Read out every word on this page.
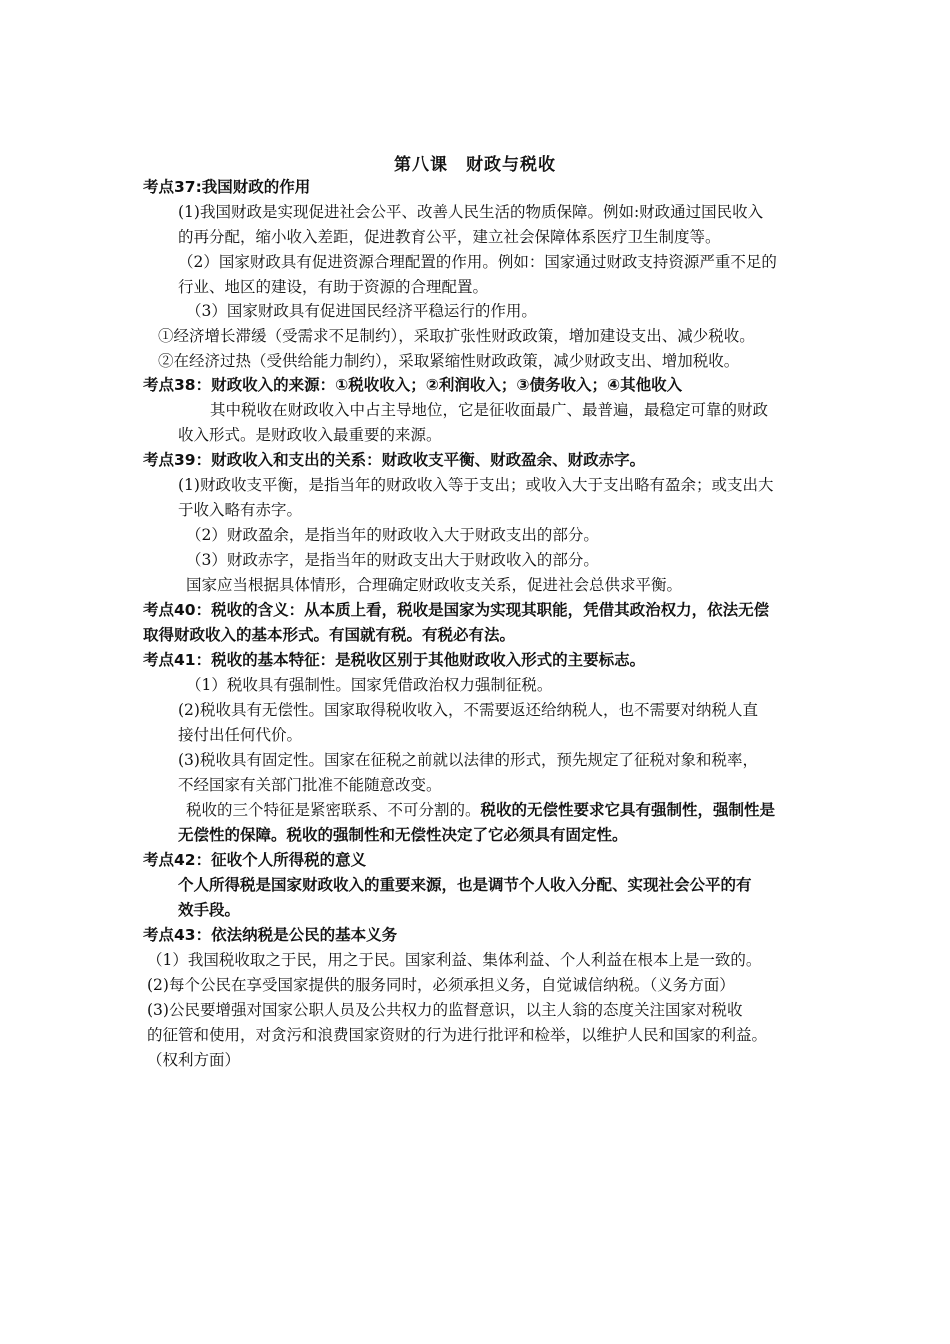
第八课　财政与税收
考点37:我国财政的作用
(1)我国财政是实现促进社会公平、改善人民生活的物质保障。例如:财政通过国民收入
的再分配，缩小收入差距，促进教育公平，建立社会保障体系医疗卫生制度等。
（2）国家财政具有促进资源合理配置的作用。例如：国家通过财政支持资源严重不足的
行业、地区的建设，有助于资源的合理配置。
（3）国家财政具有促进国民经济平稳运行的作用。
①经济增长滞缓（受需求不足制约），采取扩张性财政政策，增加建设支出、减少税收。
②在经济过热（受供给能力制约），采取紧缩性财政政策，减少财政支出、增加税收。
考点38：财政收入的来源：①税收收入；②利润收入；③债务收入；④其他收入
其中税收在财政收入中占主导地位，它是征收面最广、最普遍，最稳定可靠的财政
收入形式。是财政收入最重要的来源。
考点39：财政收入和支出的关系：财政收支平衡、财政盈余、财政赤字。
(1)财政收支平衡，是指当年的财政收入等于支出；或收入大于支出略有盈余；或支出大
于收入略有赤字。
（2）财政盈余，是指当年的财政收入大于财政支出的部分。
（3）财政赤字，是指当年的财政支出大于财政收入的部分。
国家应当根据具体情形，合理确定财政收支关系，促进社会总供求平衡。
考点40：税收的含义：从本质上看，税收是国家为实现其职能，凭借其政治权力，依法无偿
取得财政收入的基本形式。有国就有税。有税必有法。
考点41：税收的基本特征：是税收区别于其他财政收入形式的主要标志。
（1）税收具有强制性。国家凭借政治权力强制征税。
(2)税收具有无偿性。国家取得税收收入，不需要返还给纳税人，也不需要对纳税人直
接付出任何代价。
(3)税收具有固定性。国家在征税之前就以法律的形式，预先规定了征税对象和税率，
不经国家有关部门批准不能随意改变。
税收的三个特征是紧密联系、不可分割的。税收的无偿性要求它具有强制性，强制性是
无偿性的保障。税收的强制性和无偿性决定了它必须具有固定性。
考点42：征收个人所得税的意义
个人所得税是国家财政收入的重要来源，也是调节个人收入分配、实现社会公平的有
效手段。
考点43：依法纳税是公民的基本义务
（1）我国税收取之于民，用之于民。国家利益、集体利益、个人利益在根本上是一致的。
(2)每个公民在享受国家提供的服务同时，必须承担义务，自觉诚信纳税。（义务方面）
(3)公民要增强对国家公职人员及公共权力的监督意识，以主人翁的态度关注国家对税收
的征管和使用，对贪污和浪费国家资财的行为进行批评和检举，以维护人民和国家的利益。
（权利方面）
